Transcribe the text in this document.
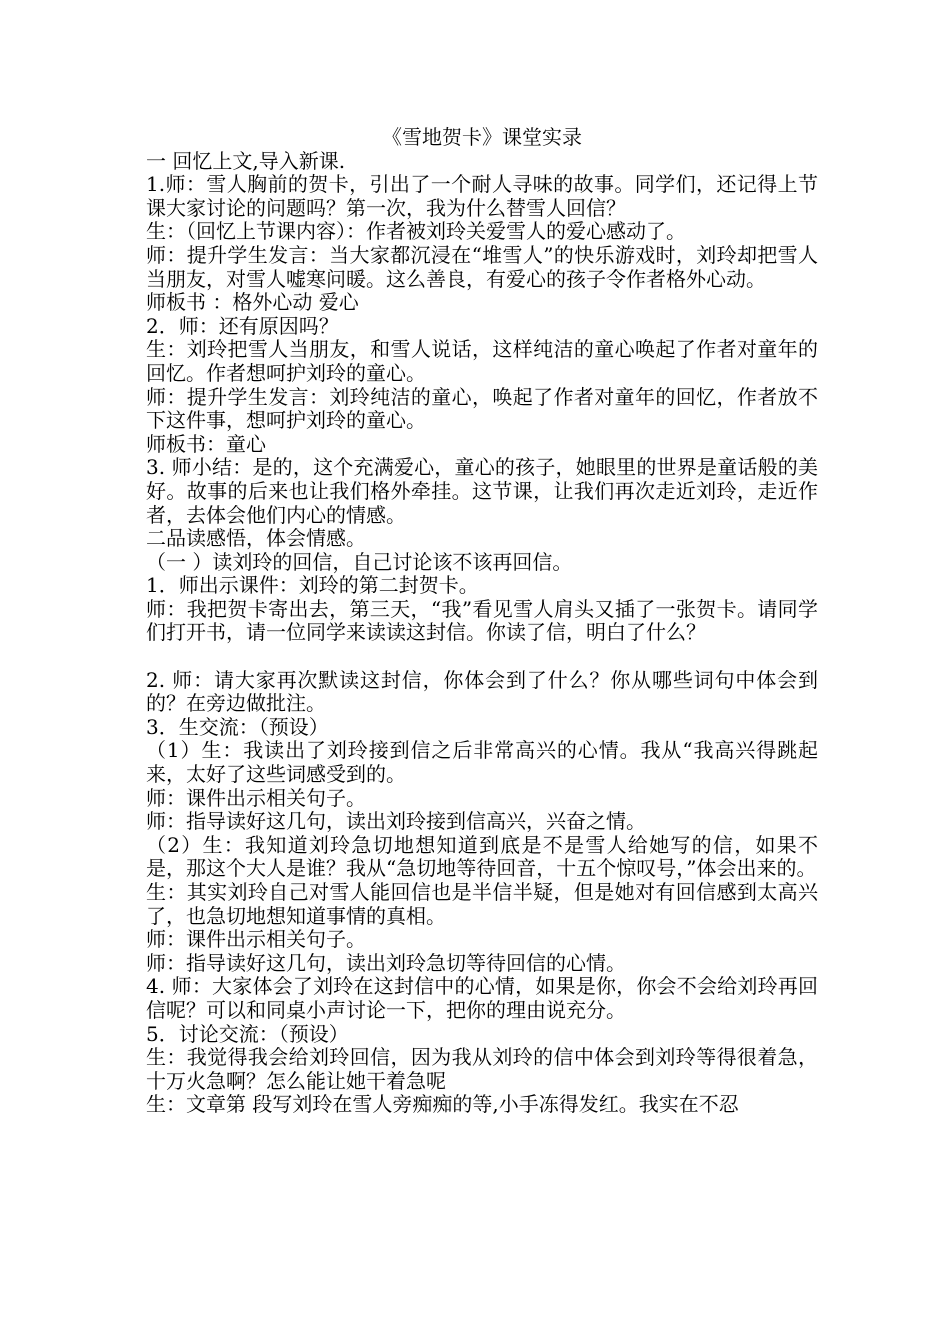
《雪地贺卡》课堂实录

一 回忆上文,导入新课.

1.师：雪人胸前的贺卡，引出了一个耐人寻味的故事。同学们，还记得上节课大家讨论的问题吗？第一次，我为什么替雪人回信？

生：（回忆上节课内容）：作者被刘玲关爱雪人的爱心感动了。

师：提升学生发言：当大家都沉浸在“堆雪人”的快乐游戏时，刘玲却把雪人当朋友，对雪人嘘寒问暖。这么善良，有爱心的孩子令作者格外心动。

师板书 ：格外心动 爱心

2．师：还有原因吗？

生：刘玲把雪人当朋友，和雪人说话，这样纯洁的童心唤起了作者对童年的回忆。作者想呵护刘玲的童心。

师：提升学生发言：刘玲纯洁的童心，唤起了作者对童年的回忆，作者放不下这件事，想呵护刘玲的童心。

师板书：童心

3. 师小结：是的，这个充满爱心，童心的孩子，她眼里的世界是童话般的美好。故事的后来也让我们格外牵挂。这节课，让我们再次走近刘玲，走近作者，去体会他们内心的情感。

二品读感悟，体会情感。

（一 ）读刘玲的回信，自己讨论该不该再回信。

1．师出示课件：刘玲的第二封贺卡。

师：我把贺卡寄出去，第三天，“我”看见雪人肩头又插了一张贺卡。请同学们打开书，请一位同学来读读这封信。你读了信，明白了什么？

2. 师：请大家再次默读这封信，你体会到了什么？你从哪些词句中体会到的？在旁边做批注。

3．生交流：（预设）

（1）生：我读出了刘玲接到信之后非常高兴的心情。我从“我高兴得跳起来，太好了这些词感受到的。

师：课件出示相关句子。

师：指导读好这几句，读出刘玲接到信高兴，兴奋之情。

（2）生：我知道刘玲急切地想知道到底是不是雪人给她写的信，如果不是，那这个大人是谁？我从“急切地等待回音，十五个惊叹号，”体会出来的。

生：其实刘玲自己对雪人能回信也是半信半疑，但是她对有回信感到太高兴了，也急切地想知道事情的真相。

师：课件出示相关句子。

师：指导读好这几句，读出刘玲急切等待回信的心情。

4. 师：大家体会了刘玲在这封信中的心情，如果是你，你会不会给刘玲再回信呢？可以和同桌小声讨论一下，把你的理由说充分。

5．讨论交流：（预设）

生：我觉得我会给刘玲回信，因为我从刘玲的信中体会到刘玲等得很着急，十万火急啊？怎么能让她干着急呢

生：文章第 段写刘玲在雪人旁痴痴的等,小手冻得发红。我实在不忍
